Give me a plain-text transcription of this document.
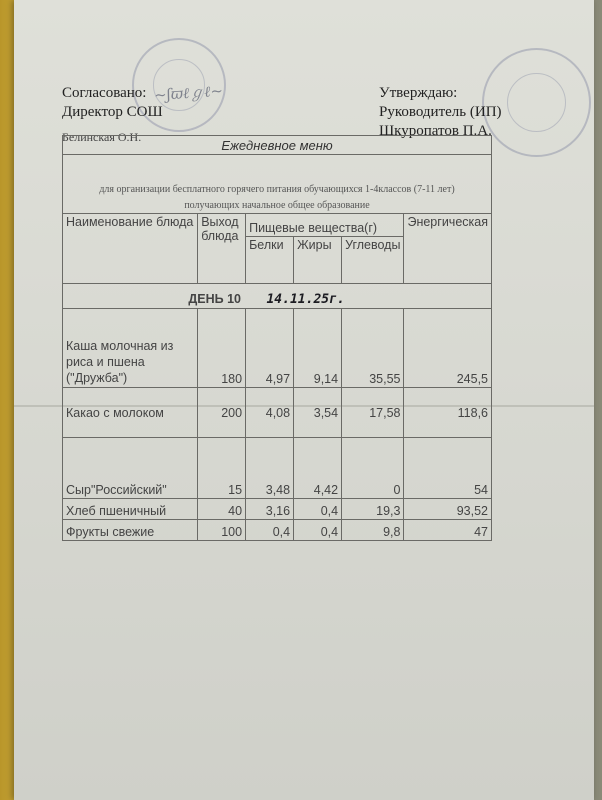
Согласовано:
Директор СОШ
Белинская О.Н.
~ʃϖℓℊℓ~	Утверждаю:
Руководитель (ИП)
Шкуропатов П.А.
Ежедневное меню					

для организации бесплатного горячего питания обучающихся 1-4классов (7-11 лет)
получающих начальное общее образование					

Наименование блюда	Выход блюда	Пищевые вещества(г)			Энергическая
		Белки	Жиры	Углеводы	
ДЕНЬ 10 14.11.25г.					
Каша молочная из риса и пшена ("Дружба")	180	4,97	9,14	35,55	245,5
Какао с молоком	200	4,08	3,54	17,58	118,6
Сыр"Российский"	15	3,48	4,42	0	54
Хлеб пшеничный	40	3,16	0,4	19,3	93,52
Фрукты свежие	100	0,4	0,4	9,8	47
